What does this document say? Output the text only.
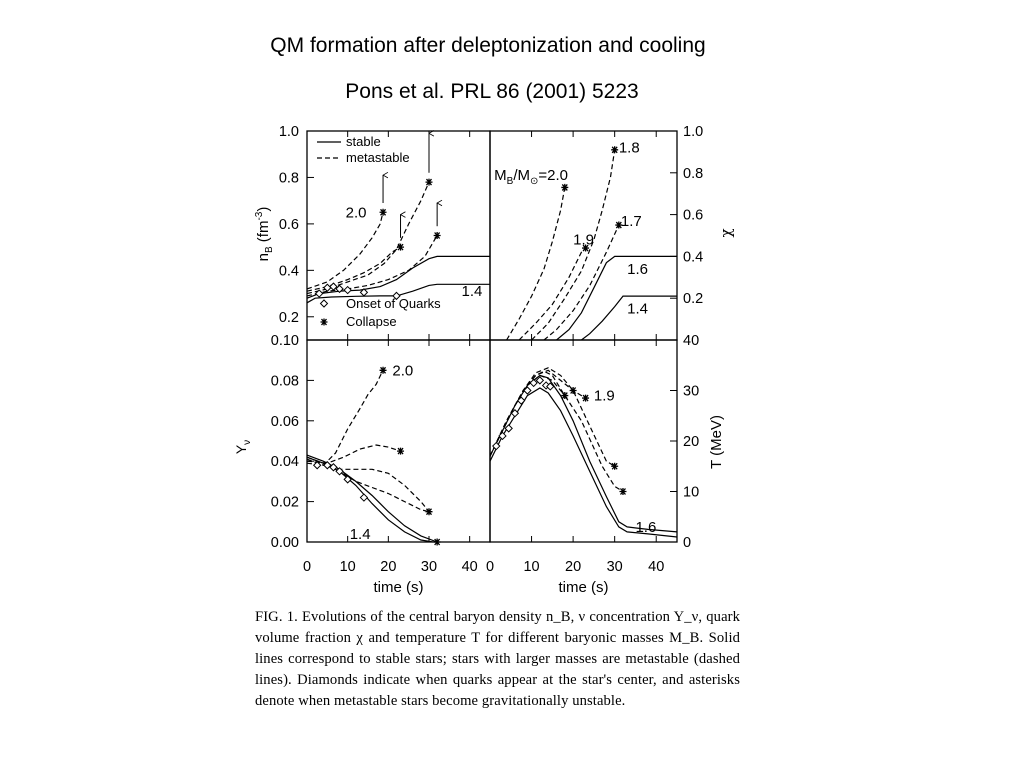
QM formation after deleptonization and cooling
Pons et al. PRL 86 (2001) 5223
0.2
0.4
0.6
0.8
1.0
2.0
1.4
stable
metastable
Onset of Quarks
Collapse
0.2
0.4
0.6
0.8
1.0
$M_B/M_⊙=2.0$
1.8
1.9
1.7
1.6
1.4
0.00
0.02
0.04
0.06
0.08
0.10
0 10 20 30 40
time (s)
2.0
1.4
0
10
20
30
40
0 10 20 30 40
time (s)
1.9
1.6
$n_B$ $(fm^{-3})$
χ
$Y_\nu$	T (MeV)
FIG. 1. Evolutions of the central baryon density n_B, ν concentration Y_ν, quark volume fraction χ and temperature T for different baryonic masses M_B. Solid lines correspond to stable stars; stars with larger masses are metastable (dashed lines). Diamonds indicate when quarks appear at the star's center, and asterisks denote when metastable stars become gravitationally unstable.
